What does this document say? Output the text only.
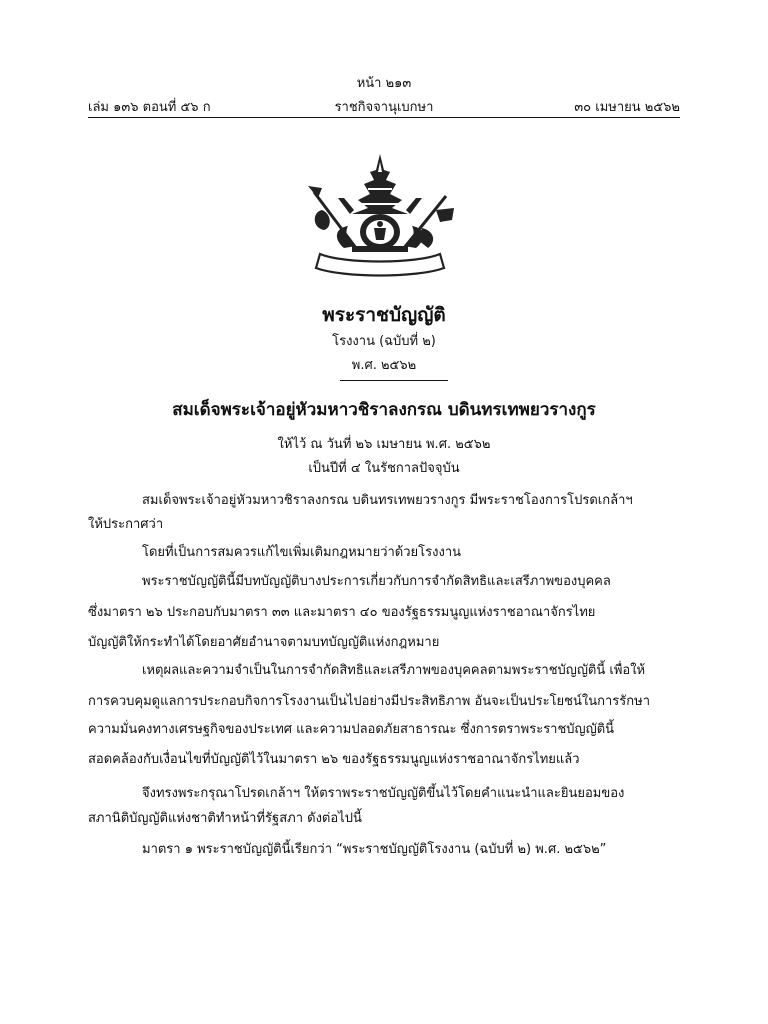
หน้า ๒๑๓
ราชกิจจานุเบกษา
เล่ม ๑๓๖ ตอนที่ ๕๖ ก	๓๐ เมษายน ๒๕๖๒
พระราชบัญญัติ
โรงงาน (ฉบับที่ ๒)
พ.ศ. ๒๕๖๒
สมเด็จพระเจ้าอยู่หัวมหาวชิราลงกรณ บดินทรเทพยวรางกูร
ให้ไว้ ณ วันที่ ๒๖ เมษายน พ.ศ. ๒๕๖๒
เป็นปีที่ ๔ ในรัชกาลปัจจุบัน
สมเด็จพระเจ้าอยู่หัวมหาวชิราลงกรณ บดินทรเทพยวรางกูร มีพระราชโองการโปรดเกล้าฯ
ให้ประกาศว่า
โดยที่เป็นการสมควรแก้ไขเพิ่มเติมกฎหมายว่าด้วยโรงงาน
พระราชบัญญัตินี้มีบทบัญญัติบางประการเกี่ยวกับการจำกัดสิทธิและเสรีภาพของบุคคล
ซึ่งมาตรา ๒๖ ประกอบกับมาตรา ๓๓ และมาตรา ๔๐ ของรัฐธรรมนูญแห่งราชอาณาจักรไทย
บัญญัติให้กระทำได้โดยอาศัยอำนาจตามบทบัญญัติแห่งกฎหมาย
เหตุผลและความจำเป็นในการจำกัดสิทธิและเสรีภาพของบุคคลตามพระราชบัญญัตินี้ เพื่อให้
การควบคุมดูแลการประกอบกิจการโรงงานเป็นไปอย่างมีประสิทธิภาพ อันจะเป็นประโยชน์ในการรักษา
ความมั่นคงทางเศรษฐกิจของประเทศ และความปลอดภัยสาธารณะ ซึ่งการตราพระราชบัญญัตินี้
สอดคล้องกับเงื่อนไขที่บัญญัติไว้ในมาตรา ๒๖ ของรัฐธรรมนูญแห่งราชอาณาจักรไทยแล้ว
จึงทรงพระกรุณาโปรดเกล้าฯ ให้ตราพระราชบัญญัติขึ้นไว้โดยคำแนะนำและยินยอมของ
สภานิติบัญญัติแห่งชาติทำหน้าที่รัฐสภา ดังต่อไปนี้
มาตรา ๑ พระราชบัญญัตินี้เรียกว่า “พระราชบัญญัติโรงงาน (ฉบับที่ ๒) พ.ศ. ๒๕๖๒”
